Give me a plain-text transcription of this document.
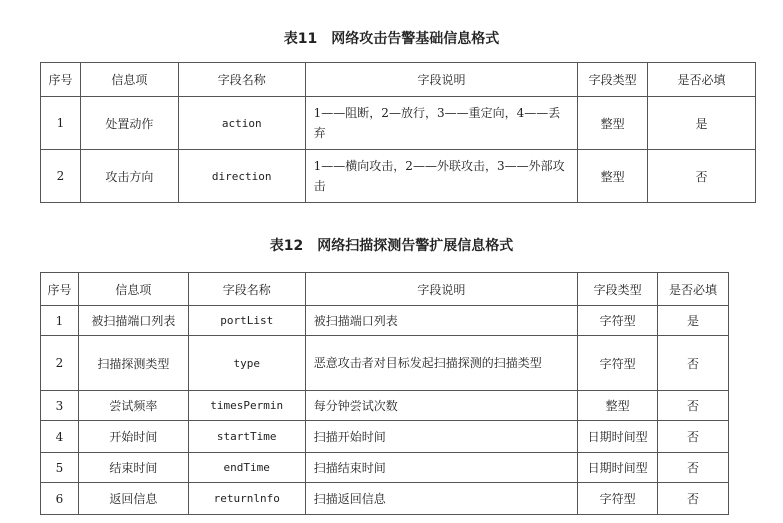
表11　网络攻击告警基础信息格式
序号	信息项	字段名称	字段说明	字段类型	是否必填
1	处置动作	action	1——阻断，2—放行，3——重定向，4——丢弃	整型	是
2	攻击方向	direction	1——横向攻击，2——外联攻击，3——外部攻击	整型	否
表12　网络扫描探测告警扩展信息格式
序号	信息项	字段名称	字段说明	字段类型	是否必填
1	被扫描端口列表	portList	被扫描端口列表	字符型	是
2	扫描探测类型	type	恶意攻击者对目标发起扫描探测的扫描类型	字符型	否
3	尝试频率	timesPermin	每分钟尝试次数	整型	否
4	开始时间	startTime	扫描开始时间	日期时间型	否
5	结束时间	endTime	扫描结束时间	日期时间型	否
6	返回信息	returnlnfo	扫描返回信息	字符型	否
